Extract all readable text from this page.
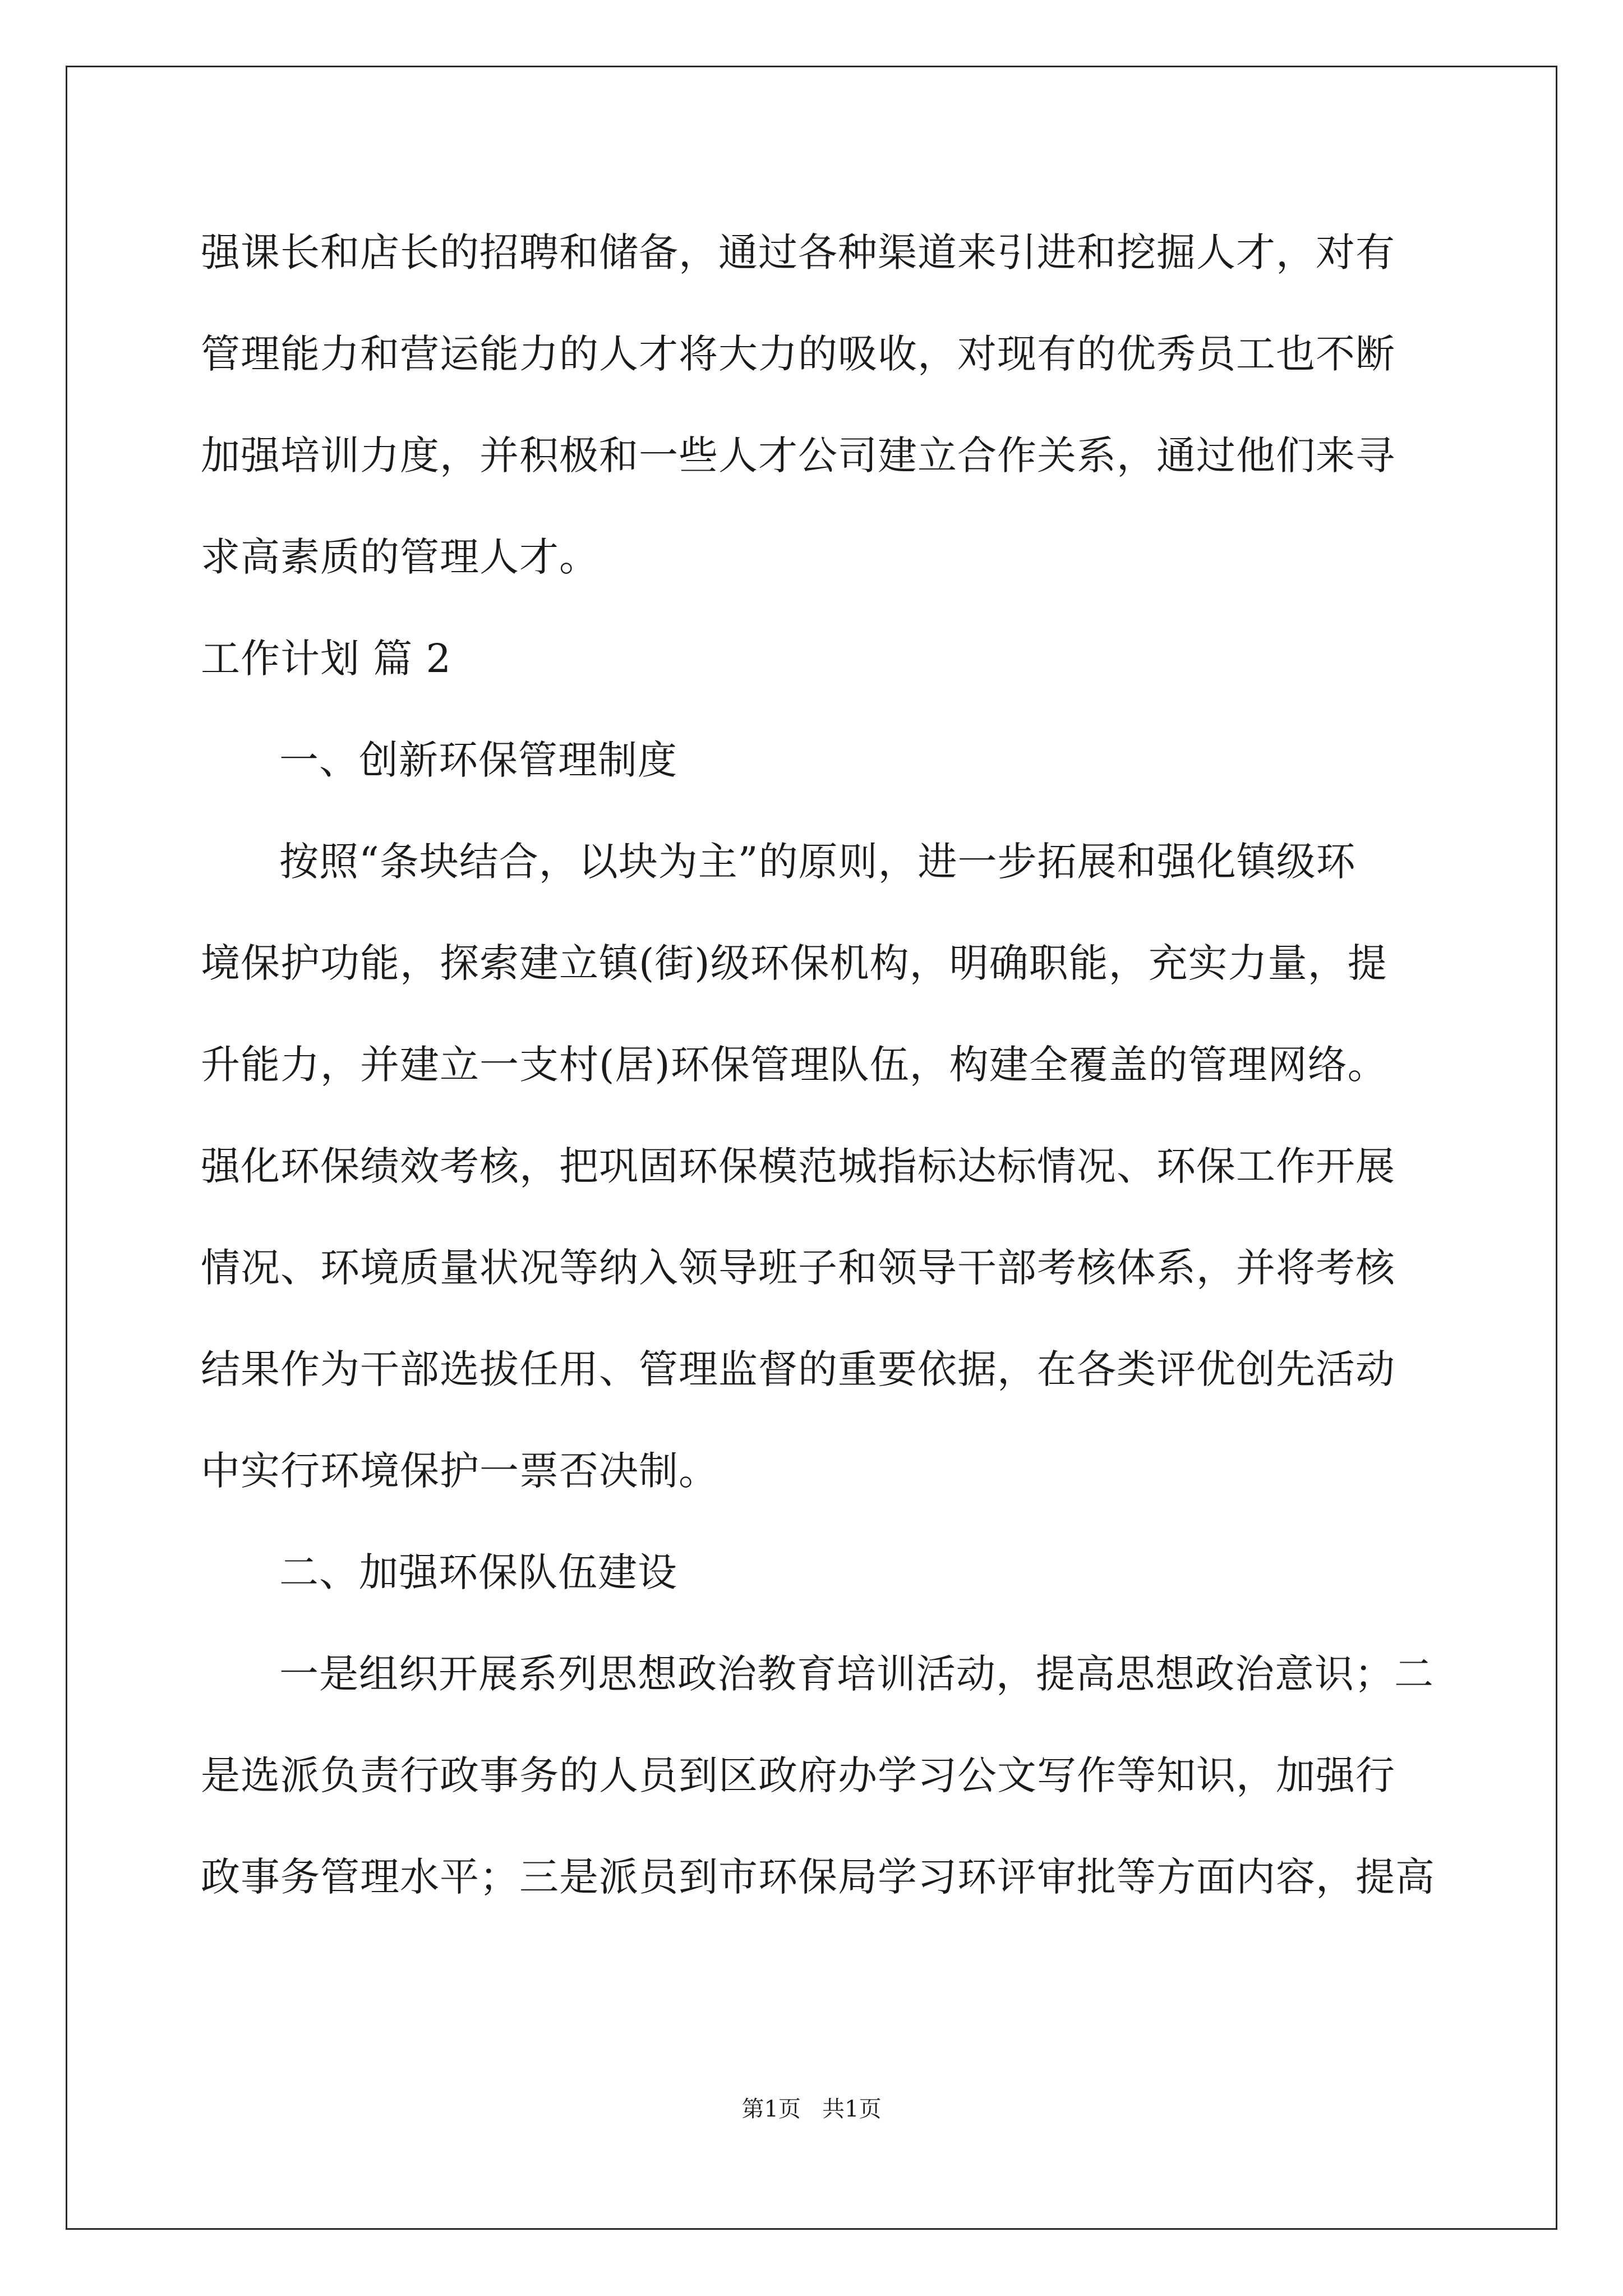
强课长和店长的招聘和储备，通过各种渠道来引进和挖掘人才，对有
管理能力和营运能力的人才将大力的吸收，对现有的优秀员工也不断
加强培训力度，并积极和一些人才公司建立合作关系，通过他们来寻
求高素质的管理人才。
工作计划 篇 2
一、创新环保管理制度
按照“条块结合，以块为主”的原则，进一步拓展和强化镇级环
境保护功能，探索建立镇(街)级环保机构，明确职能，充实力量，提
升能力，并建立一支村(居)环保管理队伍，构建全覆盖的管理网络。
强化环保绩效考核，把巩固环保模范城指标达标情况、环保工作开展
情况、环境质量状况等纳入领导班子和领导干部考核体系，并将考核
结果作为干部选拔任用、管理监督的重要依据，在各类评优创先活动
中实行环境保护一票否决制。
二、加强环保队伍建设
一是组织开展系列思想政治教育培训活动，提高思想政治意识；二
是选派负责行政事务的人员到区政府办学习公文写作等知识，加强行
政事务管理水平；三是派员到市环保局学习环评审批等方面内容，提高
第1页   共1页
